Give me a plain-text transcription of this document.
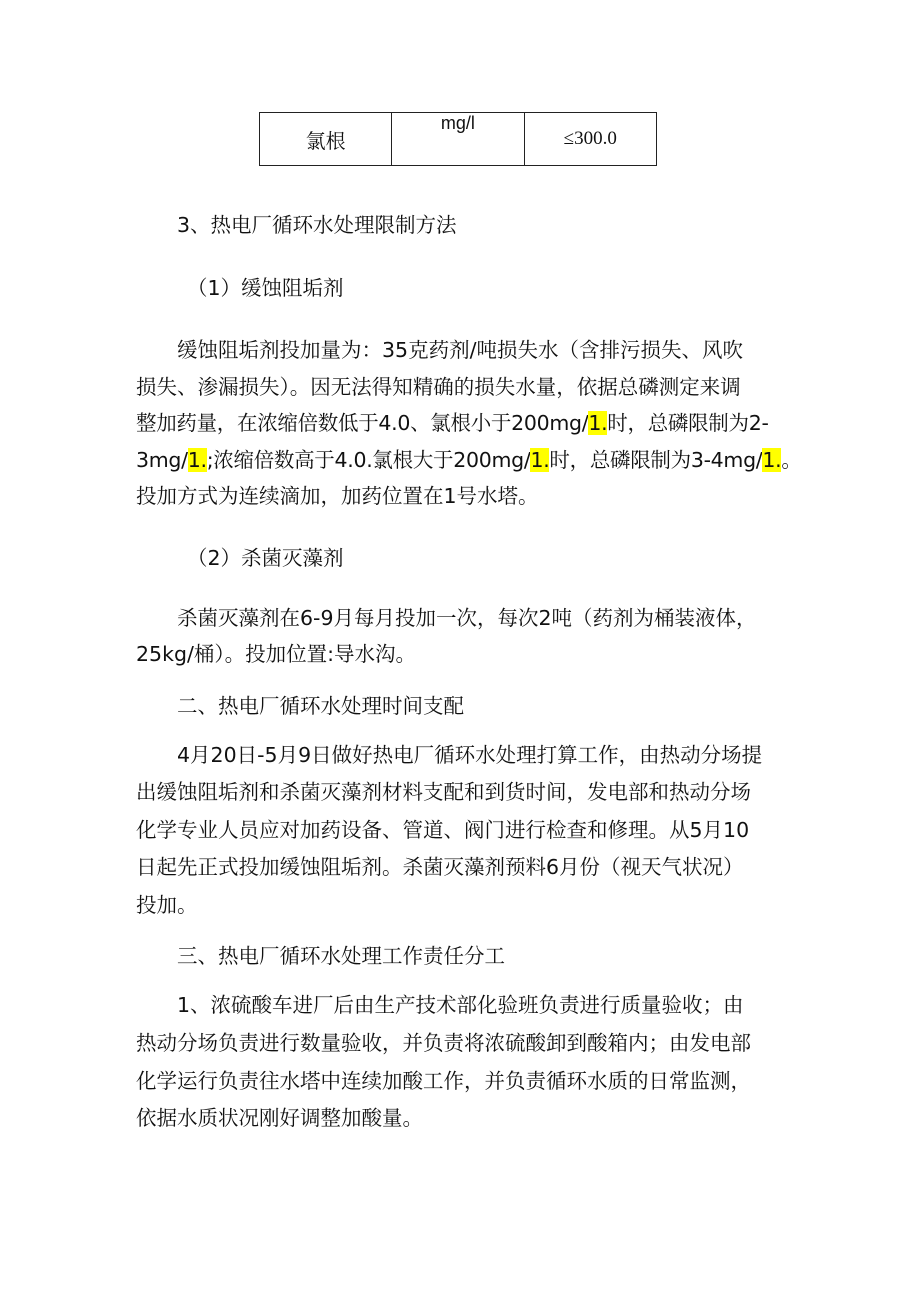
氯根	mg/l	≤300.0
3、热电厂循环水处理限制方法
（1）缓蚀阻垢剂
缓蚀阻垢剂投加量为：35克药剂/吨损失水（含排污损失、风吹
损失、渗漏损失）。因无法得知精确的损失水量，依据总磷测定来调
整加药量，在浓缩倍数低于4.0、氯根小于200mg/1.时，总磷限制为2-
3mg/1.;浓缩倍数高于4.0.氯根大于200mg/1.时，总磷限制为3-4mg/1.。
投加方式为连续滴加，加药位置在1号水塔。
（2）杀菌灭藻剂
杀菌灭藻剂在6-9月每月投加一次，每次2吨（药剂为桶装液体，
25kg/桶）。投加位置:导水沟。
二、热电厂循环水处理时间支配
4月20日-5月9日做好热电厂循环水处理打算工作，由热动分场提
出缓蚀阻垢剂和杀菌灭藻剂材料支配和到货时间，发电部和热动分场
化学专业人员应对加药设备、管道、阀门进行检查和修理。从5月10
日起先正式投加缓蚀阻垢剂。杀菌灭藻剂预料6月份（视天气状况）
投加。
三、热电厂循环水处理工作责任分工
1、浓硫酸车进厂后由生产技术部化验班负责进行质量验收；由
热动分场负责进行数量验收，并负责将浓硫酸卸到酸箱内；由发电部
化学运行负责往水塔中连续加酸工作，并负责循环水质的日常监测，
依据水质状况刚好调整加酸量。
